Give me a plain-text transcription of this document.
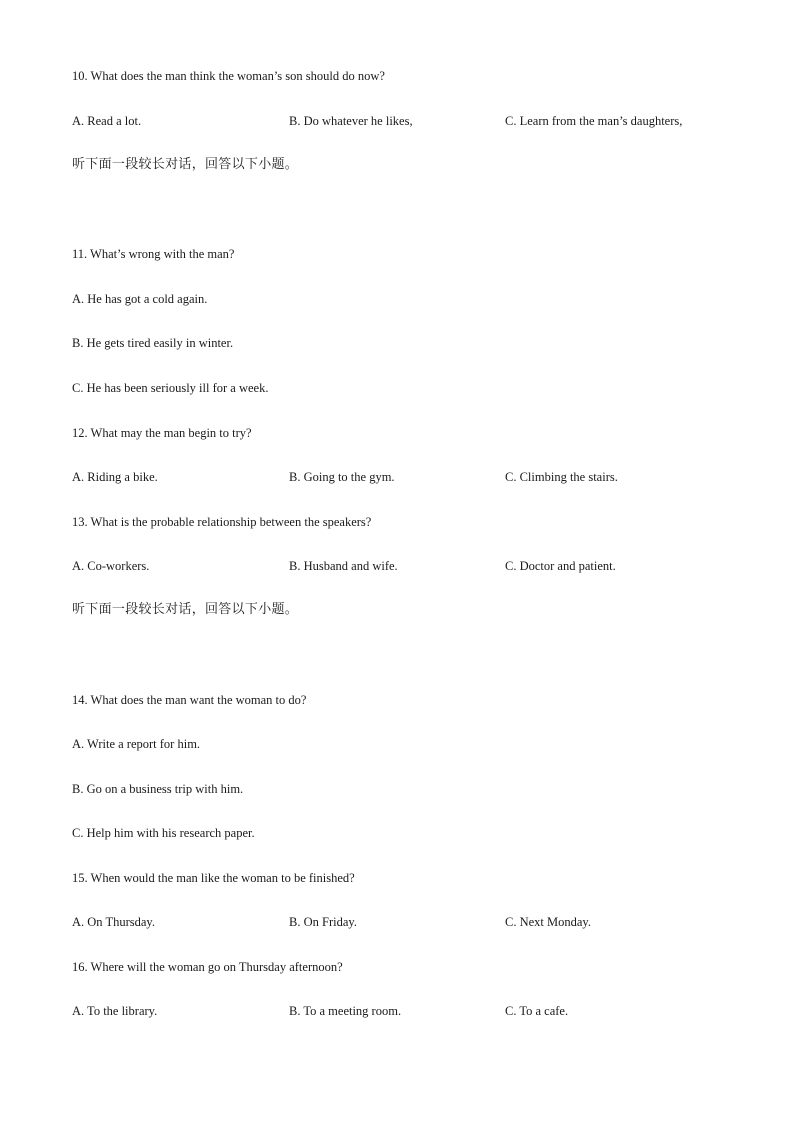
10. What does the man think the woman’s son should do now?
A. Read a lot.	B. Do whatever he likes,	C. Learn from the man’s daughters,
听下面一段较长对话，回答以下小题。
11. What’s wrong with the man?
A. He has got a cold again.
B. He gets tired easily in winter.
C. He has been seriously ill for a week.
12. What may the man begin to try?
A. Riding a bike.	B. Going to the gym.	C. Climbing the stairs.
13. What is the probable relationship between the speakers?
A. Co-workers.	B. Husband and wife.	C. Doctor and patient.
听下面一段较长对话，回答以下小题。
14. What does the man want the woman to do?
A. Write a report for him.
B. Go on a business trip with him.
C. Help him with his research paper.
15. When would the man like the woman to be finished?
A. On Thursday.	B. On Friday.	C. Next Monday.
16. Where will the woman go on Thursday afternoon?
A. To the library.	B. To a meeting room.	C. To a cafe.
